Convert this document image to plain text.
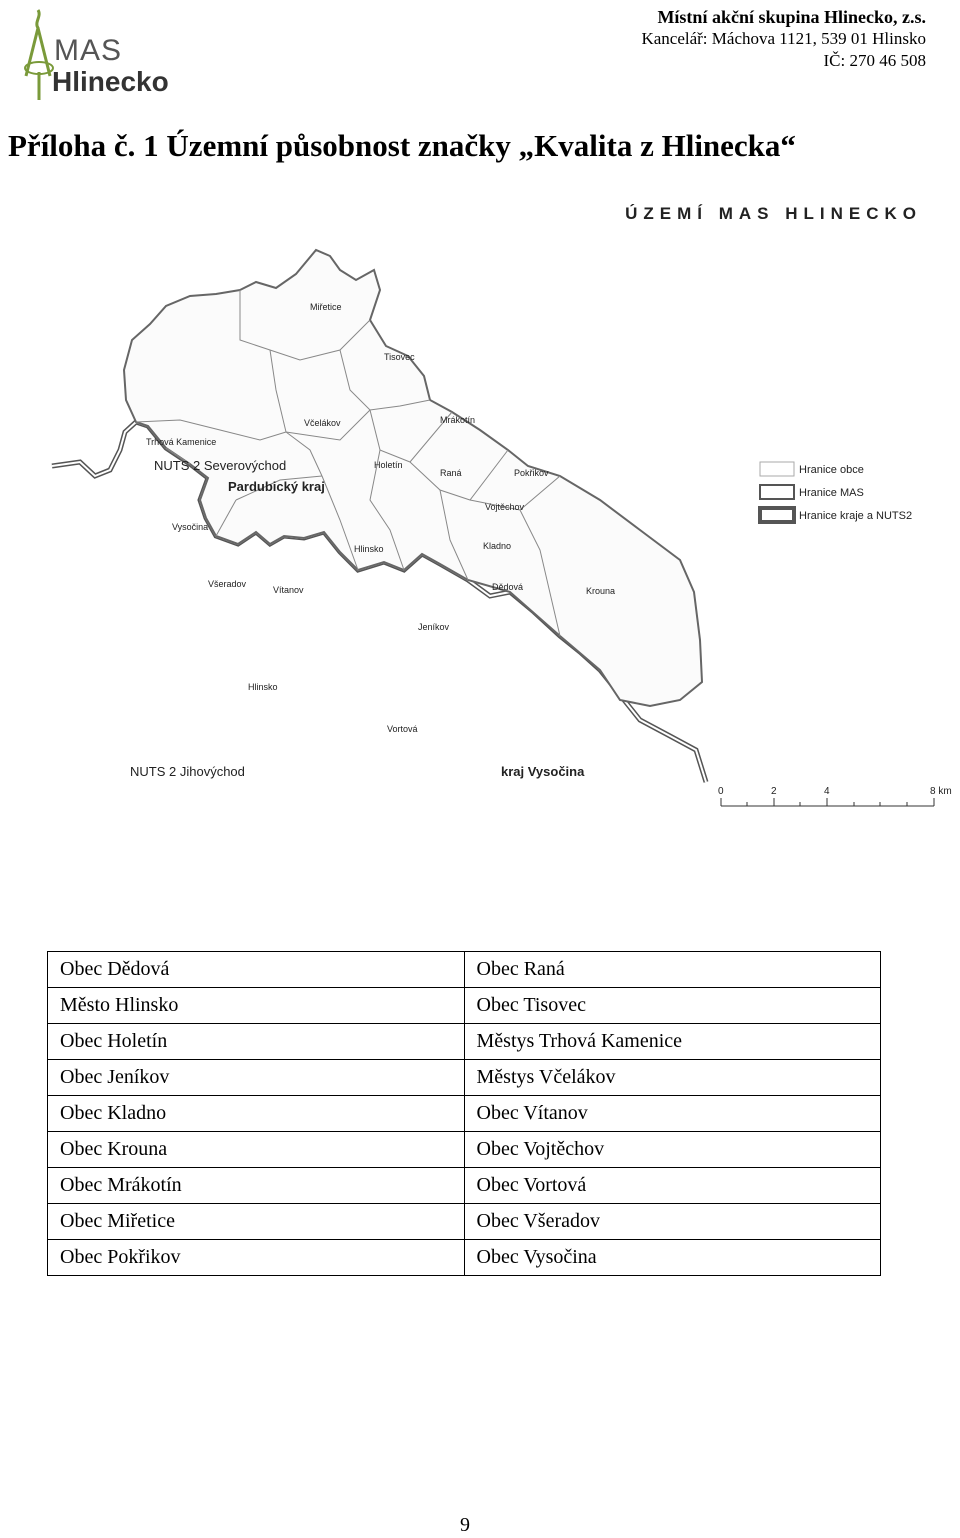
MAS
Hlinecko
Místní akční skupina Hlinecko, z.s.
Kancelář: Máchova 1121, 539 01 Hlinsko
IČ: 270 46 508
Příloha č. 1 Územní působnost značky „Kvalita z Hlinecka“
ÚZEMÍ MAS HLINECKO
Miřetice
Tisovec
Včelákov	Mrákotín
Trhová Kamenice
Holetín
Raná	Pokřikov
Vojtěchov
Vysočina
Hlinsko	Kladno
Všeradov
Vítanov	Dědová	Krouna
Jeníkov
Hlinsko
Vortová
NUTS 2 Severovýchod
Pardubický kraj
NUTS 2 Jihovýchod	kraj Vysočina
Hranice obce
Hranice MAS
Hranice kraje a NUTS2
0	2	4	8 km
Obec Dědová	Obec Raná
Město Hlinsko	Obec Tisovec
Obec Holetín	Městys Trhová Kamenice
Obec Jeníkov	Městys Včelákov
Obec Kladno	Obec Vítanov
Obec Krouna	Obec Vojtěchov
Obec Mrákotín	Obec Vortová
Obec Miřetice	Obec Všeradov
Obec Pokřikov	Obec Vysočina
9
